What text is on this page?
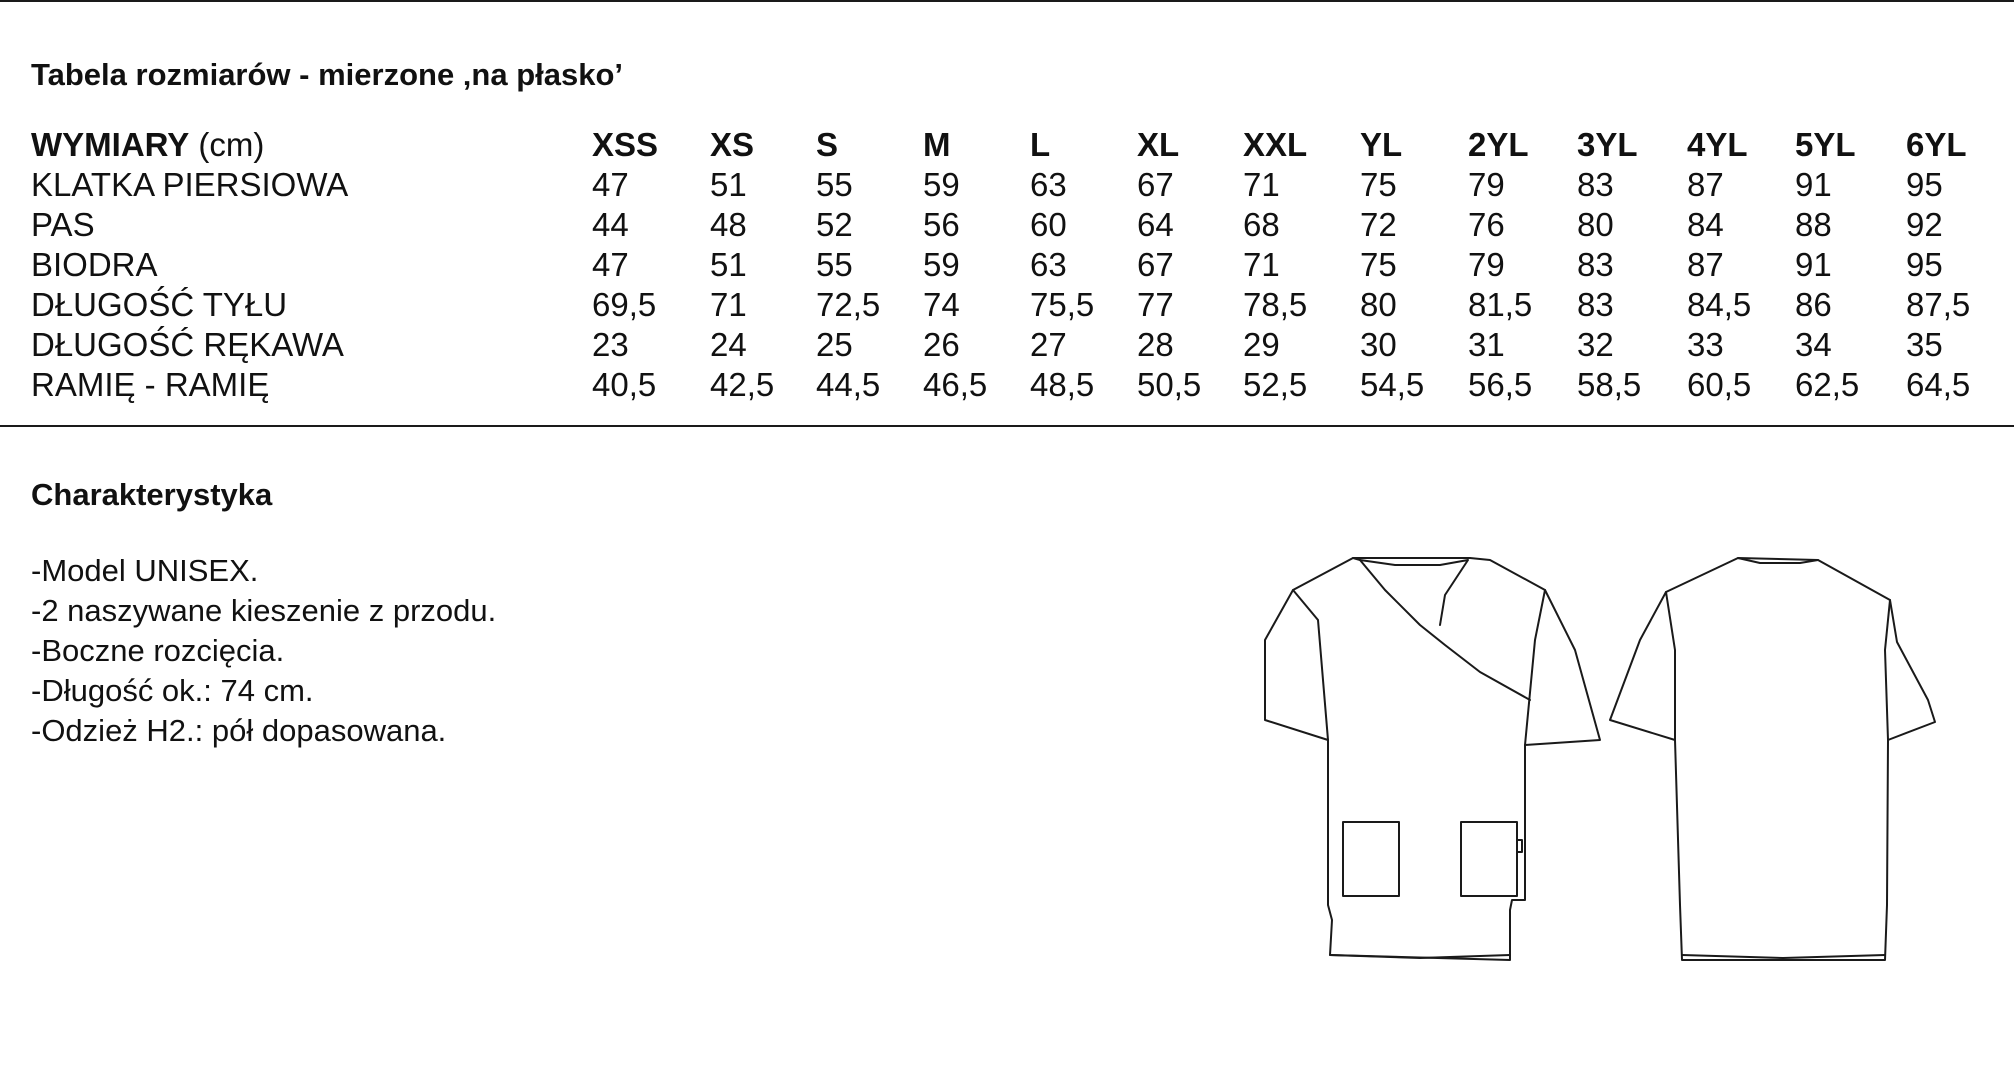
Tabela rozmiarów - mierzone ‚na płasko’
WYMIARY (cm)	XSS XS S	M L	XL XXL YL 2YL 3YL 4YL 5YL 6YL
KLATKA PIERSIOWA	47 51 55 59 63 67 71 75 79 83 87 91 95
PAS	44 48 52 56 60 64 68 72 76 80 84 88 92
BIODRA	47 51 55 59 63 67 71 75 79 83 87 91 95
DŁUGOŚĆ TYŁU	69,5 71 72,5 74 75,5 77 78,5 80 81,5 83 84,5 86 87,5
DŁUGOŚĆ RĘKAWA	23 24 25 26 27 28 29 30 31 32 33 34 35
RAMIĘ - RAMIĘ	40,5 42,5 44,5 46,5 48,5 50,5 52,5 54,5 56,5 58,5 60,5 62,5 64,5
Charakterystyka
-Model UNISEX.
-2 naszywane kieszenie z przodu.
-Boczne rozcięcia.
-Długość ok.: 74 cm.
-Odzież H2.: pół dopasowana.
